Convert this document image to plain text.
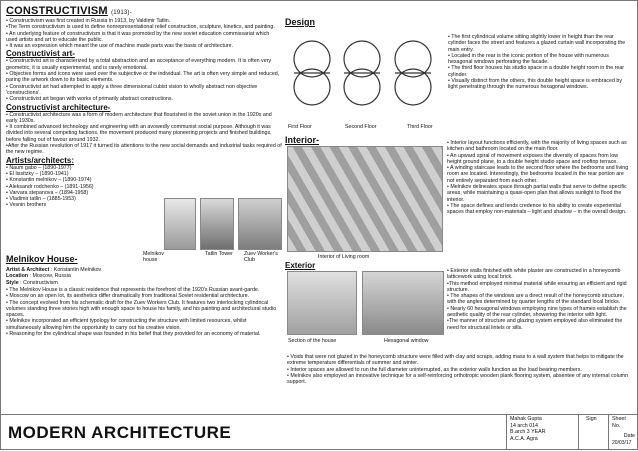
CONSTRUCTIVISM (1913)-

• Constructivism was first created in Russia in 1913, by Valdimir Tatlin.

•The Term constructivism is used to define nonrepresentational relief construction, sculpture, kinetics, and painting.

• An underlying feature of constructivism is that it was promoted by the new soviet education commissariat which used artists and art to educate the public.

• It was an expression which meant the use of machine made parts was the basis of architecture.

Constructivist art-

• Constructivist art is characterized by a total abstraction and an acceptance of everything modern. It is often very geometric, it is usually experimental, and is rarely emotional.

• Objective forms and icons were used over the subjective or the individual. The art is often very simple and reduced, paring the artwork down to its basic elements.

• Constructivist art had attempted to apply a three dimensional cubist vision to wholly abstract non objective 'constructions'.

• Constructivist art began with works of primarily abstract constructions.

Constructivist architecture-

• Constructivist architecture was a form of modern architecture that flourished in the soviet union in the 1920s and early 1930s.

• It combined advanced technology and engineering with an avowedly communist social purpose. Although it was divided into several competing factions, the movement produced many pioneering projects and finished buildings, before falling out of favour around 1932.

•After the Russian revolution of 1917 it turned its attentions to the new social demands and industrial tasks required of the new regime.

Artists/architects:

• Naum gabo – (1890-1977)

• El lissitzky – (1890-1941)

• Konstantin melnikov – (1890-1974)

• Aleksandr rodchenko – (1891-1956)

• Varvara stepanova – (1894-1958)

• Vladimir tatlin – (1885-1953)

• Vesnin brothers

Melnikov house
Tatlin Tower	Zuev Worker's Club
Melnikov House-
Artist & Architect : Konstantin Melnikov
Location : Moscow, Russia
Style : Constructivism

• The Melnikov House is a classic residence that represents the forefront of the 1920's Russian avant-garde.

• Moscow on an open lot, its aesthetics differ dramatically from traditional Soviet residential architecture.

• The concept evolved from his schematic draft for the Zuev Workers Club. It features two interlocking cylindrical volumes standing three stories high with enough space to house his family, and his painting and architectural studio spaces.

• Melnikov incorporated an efficient typology for constructing the structure with limited resources, whilst simultaneously allowing him the opportunity to carry out his creative vision.

• Reasoning for the cylindrical shape was founded in his belief that they provided for an economy of material.

Design
First Floor	Second Floor	Third Floor

• The first cylindrical volume sitting slightly lower in height than the rear cylinder faces the street and features a glazed curtain wall incorporating the main entry.

• Located in the rear is the iconic portion of the house with numerous hexagonal windows perforating the facade.

• The third floor houses his studio space in a double height room in the rear cylinder.

• Visually distinct from the others, this double height space is embraced by light penetrating through the numerous hexagonal windows.

Interior-
Interior of Living room

• Interior layout functions efficiently, with the majority of living spaces such as kitchen and bathroom located on the main floor.

• An upward spiral of movement exposes the diversity of spaces from low height ground plane, to a double height studio space and rooftop terrace.

• A winding staircase leads to the second floor where the bedrooms and living room are located. Interestingly, the bedrooms located in the rear portion are not entirely separated from each other.

• Melnikov delineates space through partial walls that serve to define specific areas, while maintaining a quasi-open plan that allows sunlight to flood the interior.

• The space defines and lends credence to his ability to create experiential spaces that employ non-materials – light and shadow – in the overall design.

Exterior
Section of the house	Hexagonal window

• Exterior walls finished with white plaster are constructed in a honeycomb latticework using local brick.

•This method employed minimal material while ensuring an efficient and rigid structure.

• The shapes of the windows are a direct result of the honeycomb structure, with the angles determined by quarter lengths of the standard local bricks.

• Nearly 60 hexagonal windows employing nine types of frames establish the aesthetic quality of the rear cylinder, showering the interior with light.

•The manner of structure and glazing system employed also eliminated the need for structural lintels or sills.

• Voids that were not glazed in the honeycomb structure were filled with clay and scraps, adding mass to a wall system that helps to mitigate the extreme temperature differentials of summer and winter.

• Interior spaces are allowed to run the full diameter uninterrupted, as the exterior walls function as the load bearing members.

• Melnikov also employed an innovative technique for a self-reinforcing orthotropic wooden plank flooring system, absentee of any internal column support.

MODERN ARCHITECTURE
Mahak Gupta
14 arch 014
B.arch 3 YEAR
A.C.A. Agra
Sign	Sheet No.
Date
20/03/17
